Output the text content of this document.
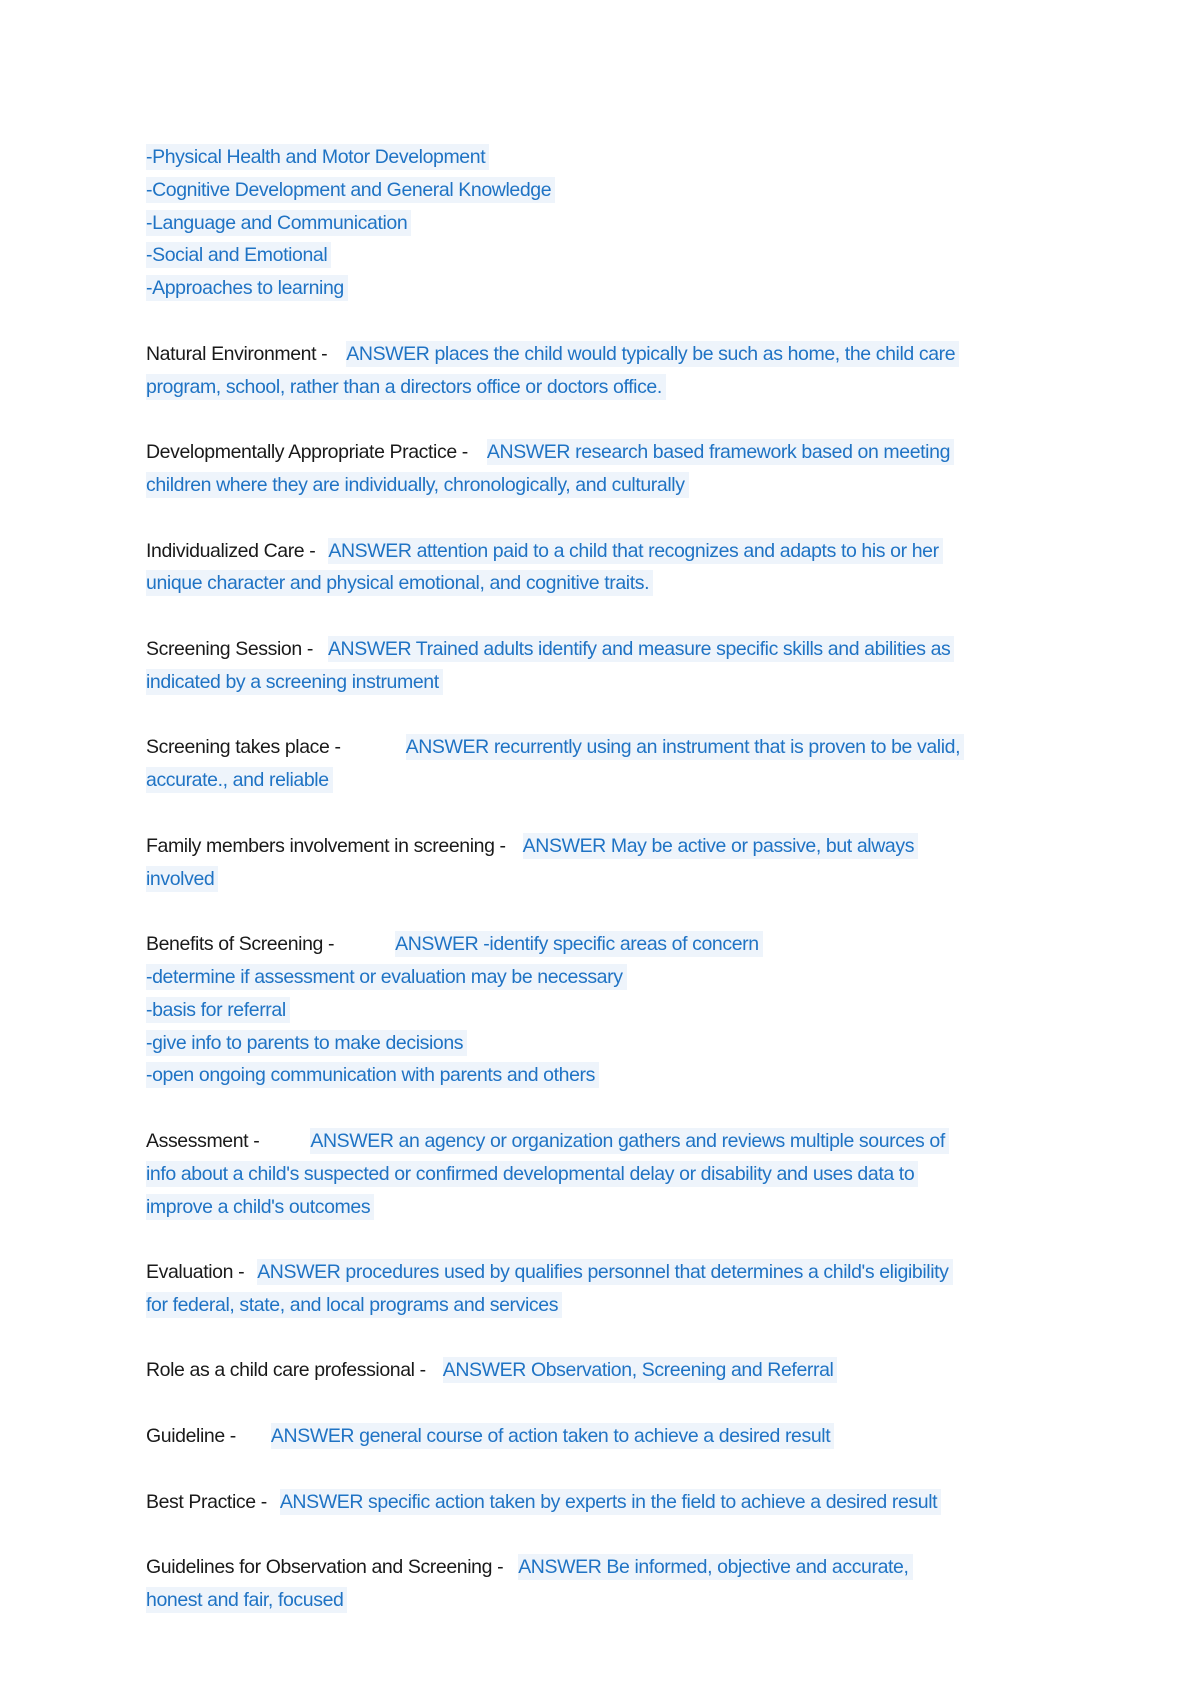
-Physical Health and Motor Development
-Cognitive Development and General Knowledge
-Language and Communication
-Social and Emotional
-Approaches to learning
Natural Environment - ANSWER places the child would typically be such as home, the child care
program, school, rather than a directors office or doctors office.
Developmentally Appropriate Practice - ANSWER research based framework based on meeting
children where they are individually, chronologically, and culturally
Individualized Care - ANSWER attention paid to a child that recognizes and adapts to his or her
unique character and physical emotional, and cognitive traits.
Screening Session - ANSWER Trained adults identify and measure specific skills and abilities as
indicated by a screening instrument
Screening takes place -	ANSWER recurrently using an instrument that is proven to be valid,
accurate., and reliable
Family members involvement in screening - ANSWER May be active or passive, but always
involved
Benefits of Screening -	ANSWER -identify specific areas of concern
-determine if assessment or evaluation may be necessary
-basis for referral
-give info to parents to make decisions
-open ongoing communication with parents and others
Assessment - ANSWER an agency or organization gathers and reviews multiple sources of
info about a child's suspected or confirmed developmental delay or disability and uses data to
improve a child's outcomes
Evaluation - ANSWER procedures used by qualifies personnel that determines a child's eligibility
for federal, state, and local programs and services
Role as a child care professional - ANSWER Observation, Screening and Referral
Guideline - ANSWER general course of action taken to achieve a desired result
Best Practice - ANSWER specific action taken by experts in the field to achieve a desired result
Guidelines for Observation and Screening - ANSWER Be informed, objective and accurate,
honest and fair, focused
